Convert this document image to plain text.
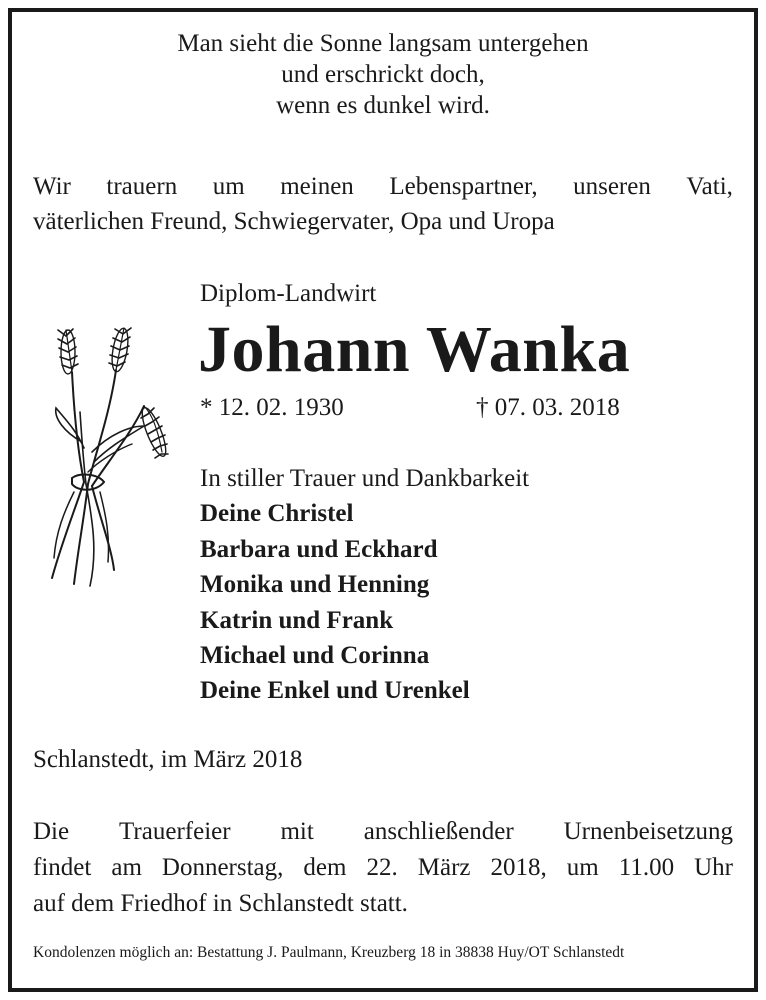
Man sieht die Sonne langsam untergehen
und erschrickt doch,
wenn es dunkel wird.
Wir trauern um meinen Lebenspartner, unseren Vati,
väterlichen Freund, Schwiegervater, Opa und Uropa
Diplom-Landwirt
Johann Wanka
* 12. 02. 1930	† 07. 03. 2018
In stiller Trauer und Dankbarkeit
Deine Christel
Barbara und Eckhard
Monika und Henning
Katrin und Frank
Michael und Corinna
Deine Enkel und Urenkel
Schlanstedt, im März 2018
Die Trauerfeier mit anschließender Urnenbeisetzung
findet am Donnerstag, dem 22. März 2018, um 11.00 Uhr
auf dem Friedhof in Schlanstedt statt.
Kondolenzen möglich an: Bestattung J. Paulmann, Kreuzberg 18 in 38838 Huy/OT Schlanstedt
